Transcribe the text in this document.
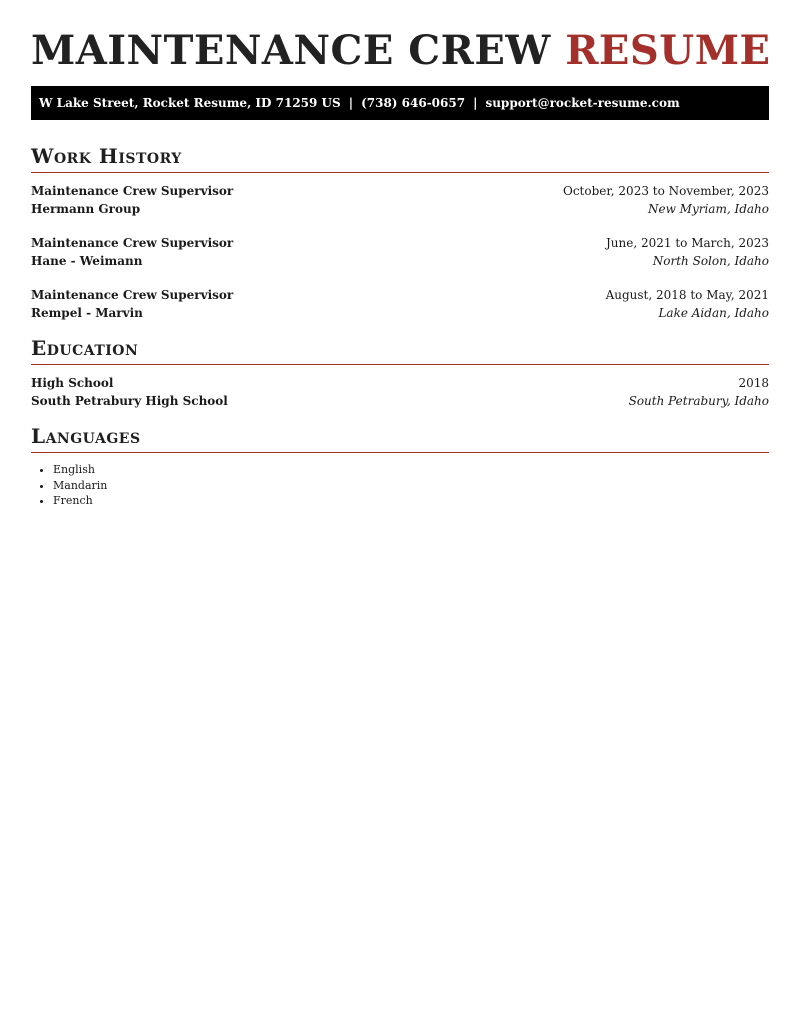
MAINTENANCE CREW RESUME
W Lake Street, Rocket Resume, ID 71259 US | (738) 646-0657 | support@rocket-resume.com
Work History
Maintenance Crew Supervisor	October, 2023 to November, 2023
Hermann Group	New Myriam, Idaho
Maintenance Crew Supervisor	June, 2021 to March, 2023
Hane - Weimann	North Solon, Idaho
Maintenance Crew Supervisor	August, 2018 to May, 2021
Rempel - Marvin	Lake Aidan, Idaho
Education
High School	2018
South Petrabury High School	South Petrabury, Idaho
Languages
• English
• Mandarin
• French
